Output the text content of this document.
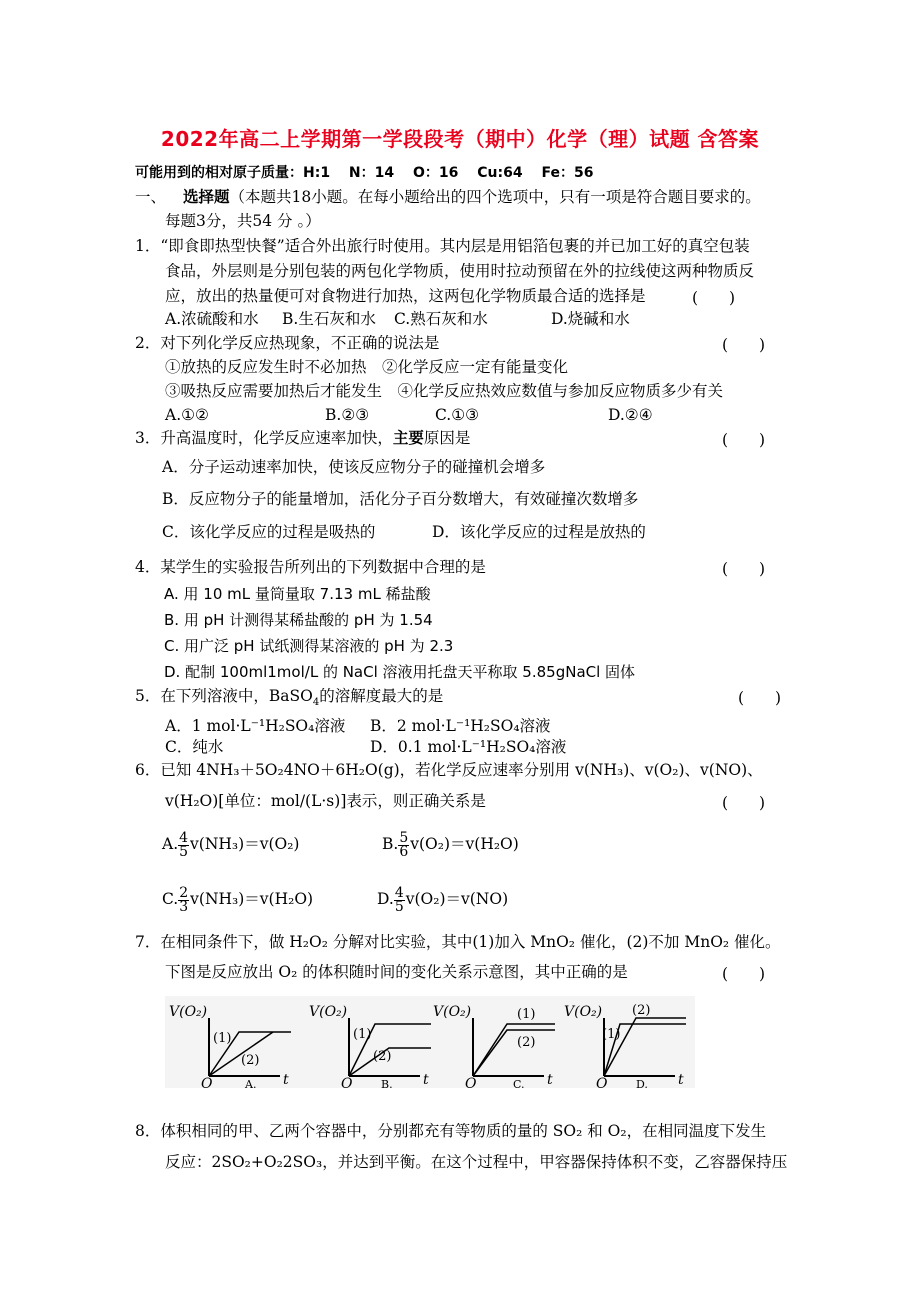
2022年高二上学期第一学段段考（期中）化学（理）试题 含答案
可能用到的相对原子质量：H:1　 N：14　 O：16　 Cu:64　 Fe：56
一、 选择题（本题共18小题。在每小题给出的四个选项中，只有一项是符合题目要求的。
每题3分，共54 分 。）
1．“即食即热型快餐”适合外出旅行时使用。其内层是用铝箔包裹的并已加工好的真空包装
食品，外层则是分别包装的两包化学物质，使用时拉动预留在外的拉线使这两种物质反
应，放出的热量便可对食物进行加热，这两包化学物质最合适的选择是	(　　)
A.浓硫酸和水 B.生石灰和水 C.熟石灰和水	D.烧碱和水
2．对下列化学反应热现象，不正确的说法是	(　　)
①放热的反应发生时不必加热　②化学反应一定有能量变化
③吸热反应需要加热后才能发生　④化学反应热效应数值与参加反应物质多少有关
A.①②	B.②③	C.①③	D.②④
3．升高温度时，化学反应速率加快，主要原因是	(　　)
A．分子运动速率加快，使该反应物分子的碰撞机会增多
B．反应物分子的能量增加，活化分子百分数增大，有效碰撞次数增多
C．该化学反应的过程是吸热的	D．该化学反应的过程是放热的
4．某学生的实验报告所列出的下列数据中合理的是	(　　)
A. 用 10 mL 量筒量取 7.13 mL 稀盐酸
B. 用 pH 计测得某稀盐酸的 pH 为 1.54
C. 用广泛 pH 试纸测得某溶液的 pH 为 2.3
D. 配制 100ml1mol/L 的 NaCl 溶液用托盘天平称取 5.85gNaCl 固体
5．在下列溶液中，BaSO$_4$的溶解度最大的是	(　　)
A．1 mol·L⁻¹H₂SO₄溶液 B．2 mol·L⁻¹H₂SO₄溶液
C．纯水	D．0.1 mol·L⁻¹H₂SO₄溶液
6．已知 4NH₃＋5O₂4NO＋6H₂O(g)，若化学反应速率分别用 v(NH₃)、v(O₂)、v(NO)、
v(H₂O)[单位：mol/(L·s)]表示，则正确关系是	(　　)
A. $\frac{4}{5} v(NH_3)=v(O_2)$	B. $\frac{5}{6} v(O_2)=v(H_2O)$
C. $\frac{2}{3} v(NH_3)=v(H_2O)$	D. $\frac{4}{5} v(O_2)=v(NO)$
7．在相同条件下，做 H₂O₂ 分解对比实验，其中(1)加入 MnO₂ 催化，(2)不加 MnO₂ 催化。
下图是反应放出 O₂ 的体积随时间的变化关系示意图，其中正确的是	(　　)
V(O₂)
O	t
(1)
(2)
A.
V(O₂)
O	t
(1)
(2)
B.
V(O₂)
O	t
(1)
(2)
C.
V(O₂)
O	t
(2)
(1)
D.
8．体积相同的甲、乙两个容器中，分别都充有等物质的量的 SO₂ 和 O₂，在相同温度下发生
反应：2SO₂+O₂2SO₃，并达到平衡。在这个过程中，甲容器保持体积不变，乙容器保持压
